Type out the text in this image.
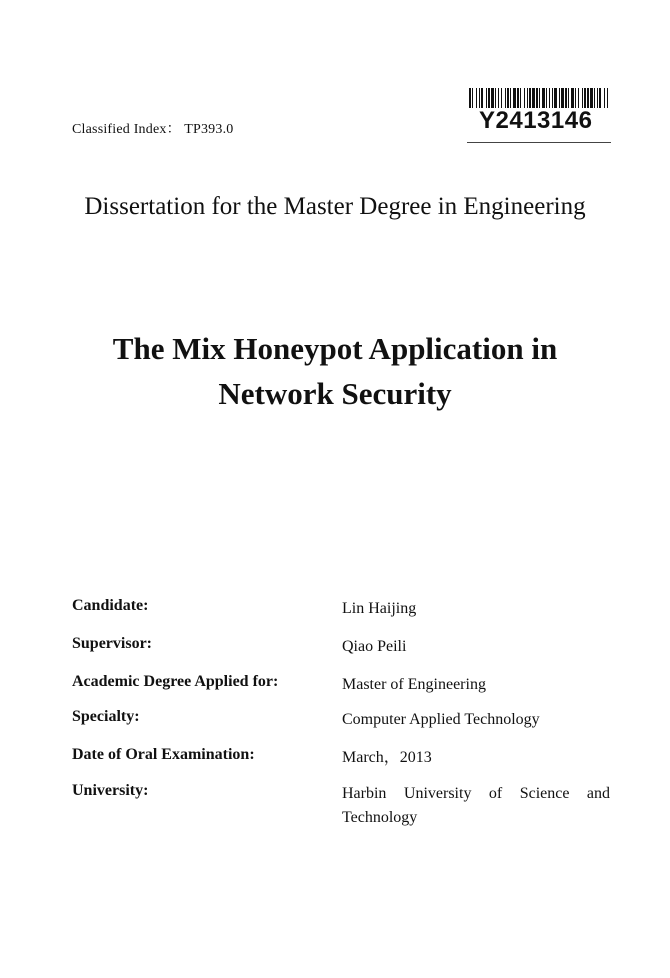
Classified Index： TP393.0	Y2413146
Dissertation for the Master Degree in Engineering
The Mix Honeypot Application in
Network Security
Candidate:	Lin Haijing
Supervisor:	Qiao Peili
Academic Degree Applied for:	Master of Engineering
Specialty:	Computer Applied Technology
Date of Oral Examination:	March，2013
University:	Harbin University of Science and Technology
